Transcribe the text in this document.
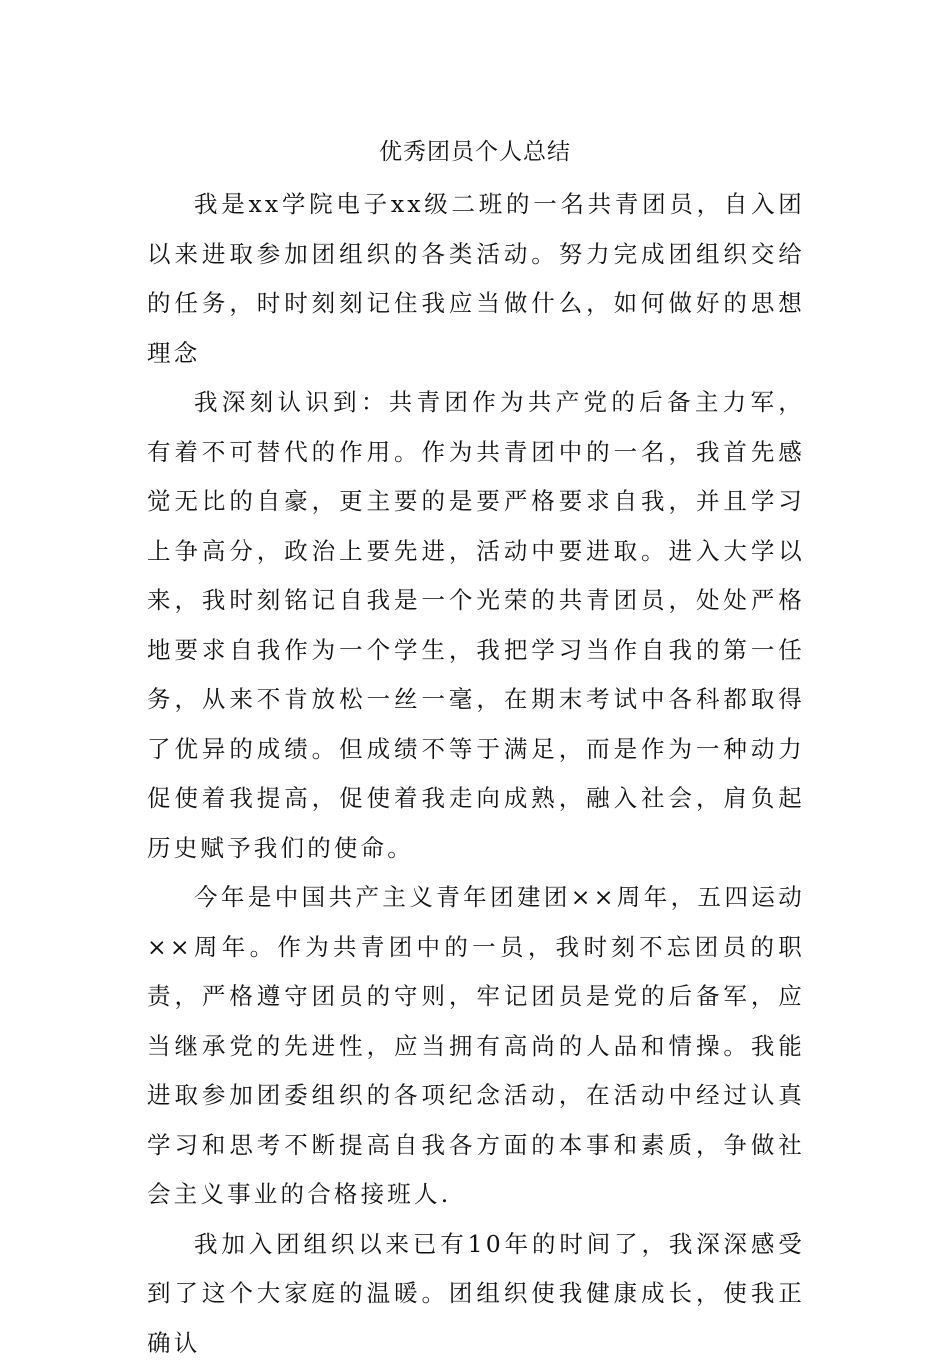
优秀团员个人总结

我是xx学院电子xx级二班的一名共青团员，自入团以来进取参加团组织的各类活动。努力完成团组织交给的任务，时时刻刻记住我应当做什么，如何做好的思想理念

我深刻认识到：共青团作为共产党的后备主力军，有着不可替代的作用。作为共青团中的一名，我首先感觉无比的自豪，更主要的是要严格要求自我，并且学习上争高分，政治上要先进，活动中要进取。进入大学以来，我时刻铭记自我是一个光荣的共青团员，处处严格地要求自我作为一个学生，我把学习当作自我的第一任务，从来不肯放松一丝一毫，在期末考试中各科都取得了优异的成绩。但成绩不等于满足，而是作为一种动力促使着我提高，促使着我走向成熟，融入社会，肩负起历史赋予我们的使命。

今年是中国共产主义青年团建团××周年，五四运动××周年。作为共青团中的一员，我时刻不忘团员的职责，严格遵守团员的守则，牢记团员是党的后备军，应当继承党的先进性，应当拥有高尚的人品和情操。我能进取参加团委组织的各项纪念活动，在活动中经过认真学习和思考不断提高自我各方面的本事和素质，争做社会主义事业的合格接班人.

我加入团组织以来已有10年的时间了，我深深感受到了这个大家庭的温暖。团组织使我健康成长，使我正确认
